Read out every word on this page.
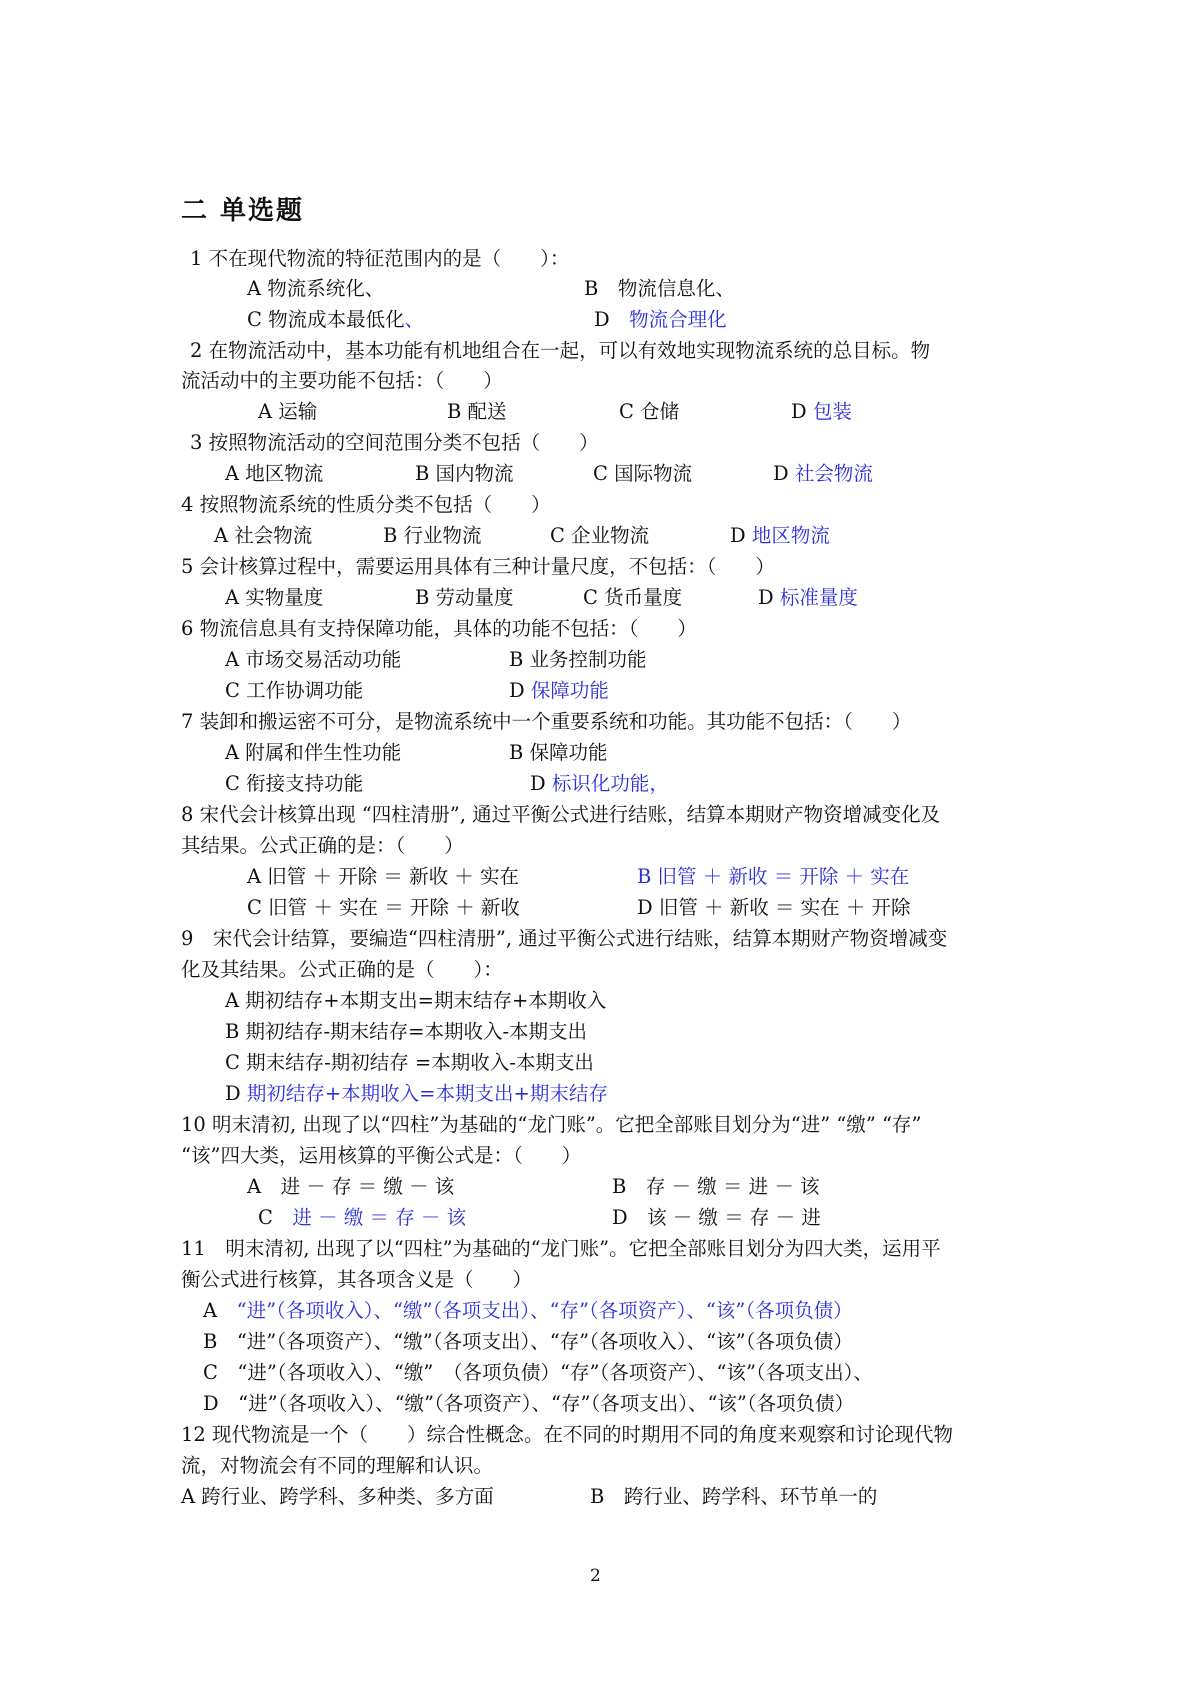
二 单选题
1 不在现代物流的特征范围内的是（　　）：
A 物流系统化、	B　物流信息化、
C 物流成本最低化、	D　物流合理化
2 在物流活动中，基本功能有机地组合在一起，可以有效地实现物流系统的总目标。物
流活动中的主要功能不包括：（　　）
A 运输	B 配送	C 仓储	D 包装
3 按照物流活动的空间范围分类不包括（　　）
A 地区物流	B 国内物流	C 国际物流	D 社会物流
4 按照物流系统的性质分类不包括（　　）
A 社会物流	B 行业物流	C 企业物流	D 地区物流
5 会计核算过程中，需要运用具体有三种计量尺度，不包括：（　　）
A 实物量度	B 劳动量度	C 货币量度	D 标准量度
6 物流信息具有支持保障功能，具体的功能不包括：（　　）
A 市场交易活动功能	B 业务控制功能
C 工作协调功能	D 保障功能
7 装卸和搬运密不可分，是物流系统中一个重要系统和功能。其功能不包括：（　　）
A 附属和伴生性功能	B 保障功能
C 衔接支持功能	D 标识化功能，
8 宋代会计核算出现 “四柱清册”, 通过平衡公式进行结账，结算本期财产物资增减变化及
其结果。公式正确的是：（　　）
A 旧管 ＋ 开除 ＝ 新收 ＋ 实在	B 旧管 ＋ 新收 ＝ 开除 ＋ 实在
C 旧管 ＋ 实在 ＝ 开除 ＋ 新收	D 旧管 ＋ 新收 ＝ 实在 ＋ 开除
9　宋代会计结算，要编造“四柱清册”, 通过平衡公式进行结账，结算本期财产物资增减变
化及其结果。公式正确的是（　　）：
A 期初结存+本期支出=期末结存+本期收入
B 期初结存-期末结存=本期收入-本期支出
C 期末结存-期初结存 =本期收入-本期支出
D 期初结存+本期收入=本期支出+期末结存
10 明末清初, 出现了以“四柱”为基础的“龙门账”。它把全部账目划分为“进” “缴” “存”
“该”四大类，运用核算的平衡公式是：（　　）
A　进 － 存 ＝ 缴 － 该	B　存 － 缴 ＝ 进 － 该
C　进 － 缴 ＝ 存 － 该	D　该 － 缴 ＝ 存 － 进
11　明末清初, 出现了以“四柱”为基础的“龙门账”。它把全部账目划分为四大类，运用平
衡公式进行核算，其各项含义是（　　）
A　“进”（各项收入）、“缴”（各项支出）、“存”（各项资产）、“该”（各项负债）
B　“进”（各项资产）、“缴”（各项支出）、“存”（各项收入）、“该”（各项负债）
C　“进”（各项收入）、“缴”　（各项负债）“存”（各项资产）、“该”（各项支出）、
D　“进”（各项收入）、“缴”（各项资产）、“存”（各项支出）、“该”（各项负债）
12 现代物流是一个（　　）综合性概念。在不同的时期用不同的角度来观察和讨论现代物
流，对物流会有不同的理解和认识。
A 跨行业、跨学科、多种类、多方面	B　跨行业、跨学科、环节单一的
2
